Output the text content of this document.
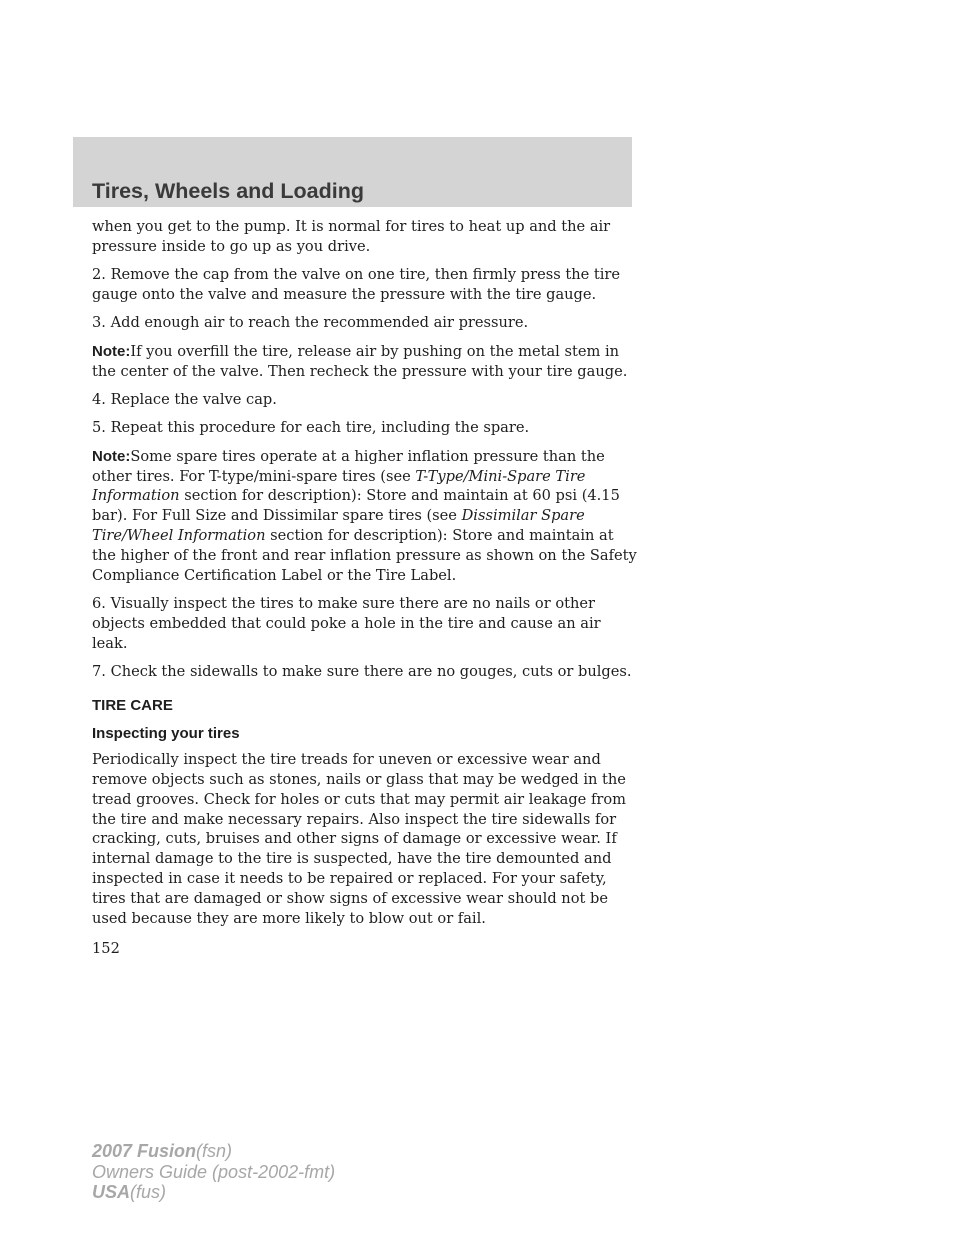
Tires, Wheels and Loading

when you get to the pump. It is normal for tires to heat up and the air pressure inside to go up as you drive.

2. Remove the cap from the valve on one tire, then firmly press the tire gauge onto the valve and measure the pressure with the tire gauge.

3. Add enough air to reach the recommended air pressure.

Note:If you overfill the tire, release air by pushing on the metal stem in the center of the valve. Then recheck the pressure with your tire gauge.

4. Replace the valve cap.

5. Repeat this procedure for each tire, including the spare.

Note:Some spare tires operate at a higher inflation pressure than the other tires. For T-type/mini-spare tires (see T-Type/Mini-Spare Tire Information section for description): Store and maintain at 60 psi (4.15 bar). For Full Size and Dissimilar spare tires (see Dissimilar Spare Tire/Wheel Information section for description): Store and maintain at the higher of the front and rear inflation pressure as shown on the Safety Compliance Certification Label or the Tire Label.

6. Visually inspect the tires to make sure there are no nails or other objects embedded that could poke a hole in the tire and cause an air leak.

7. Check the sidewalls to make sure there are no gouges, cuts or bulges.

TIRE CARE
Inspecting your tires

Periodically inspect the tire treads for uneven or excessive wear and remove objects such as stones, nails or glass that may be wedged in the tread grooves. Check for holes or cuts that may permit air leakage from the tire and make necessary repairs. Also inspect the tire sidewalls for cracking, cuts, bruises and other signs of damage or excessive wear. If internal damage to the tire is suspected, have the tire demounted and inspected in case it needs to be repaired or replaced. For your safety, tires that are damaged or show signs of excessive wear should not be used because they are more likely to blow out or fail.

152
2007 Fusion(fsn)
Owners Guide (post-2002-fmt)
USA(fus)
